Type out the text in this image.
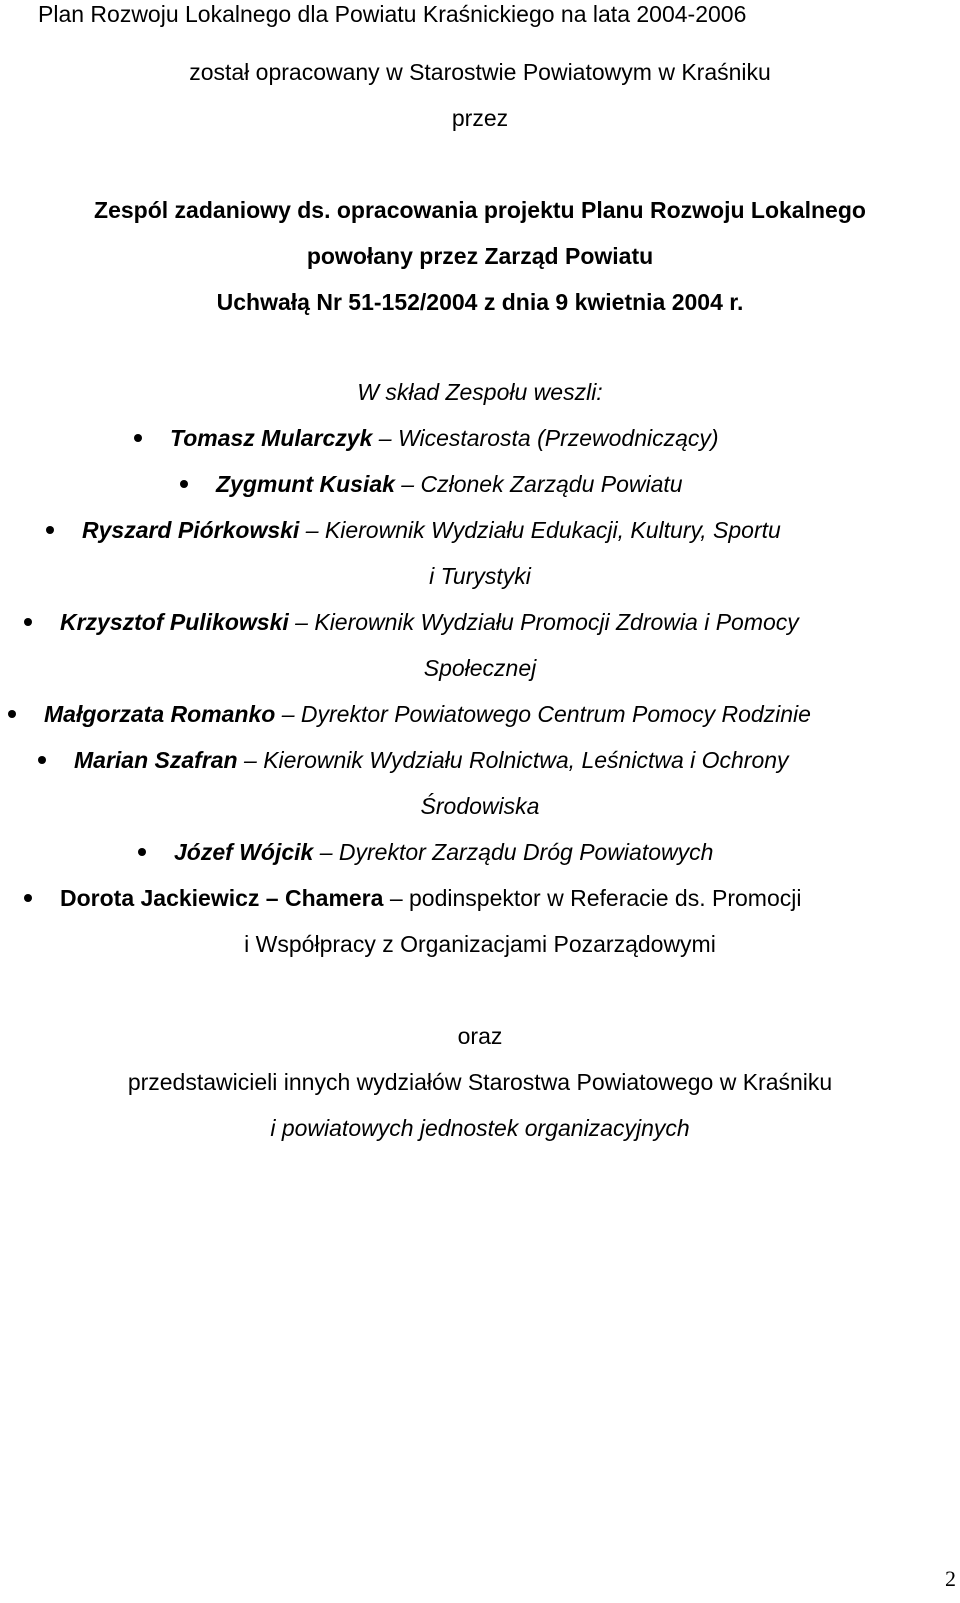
Plan Rozwoju Lokalnego dla Powiatu Kraśnickiego na lata 2004-2006
został opracowany w Starostwie Powiatowym w Kraśniku
przez
Zespól zadaniowy ds. opracowania projektu Planu Rozwoju Lokalnego
powołany przez Zarząd Powiatu
Uchwałą Nr 51-152/2004 z dnia 9 kwietnia 2004 r.
W skład Zespołu weszli:
Tomasz Mularczyk – Wicestarosta (Przewodniczący)
Zygmunt Kusiak – Członek Zarządu Powiatu
Ryszard Piórkowski – Kierownik Wydziału Edukacji, Kultury, Sportu
i Turystyki
Krzysztof Pulikowski – Kierownik Wydziału Promocji Zdrowia i Pomocy
Społecznej
Małgorzata Romanko – Dyrektor Powiatowego Centrum Pomocy Rodzinie
Marian Szafran – Kierownik Wydziału Rolnictwa, Leśnictwa i Ochrony
Środowiska
Józef Wójcik – Dyrektor Zarządu Dróg Powiatowych
Dorota Jackiewicz – Chamera – podinspektor w Referacie ds. Promocji
i Współpracy z Organizacjami Pozarządowymi
oraz
przedstawicieli innych wydziałów Starostwa Powiatowego w Kraśniku
i powiatowych jednostek organizacyjnych
2
